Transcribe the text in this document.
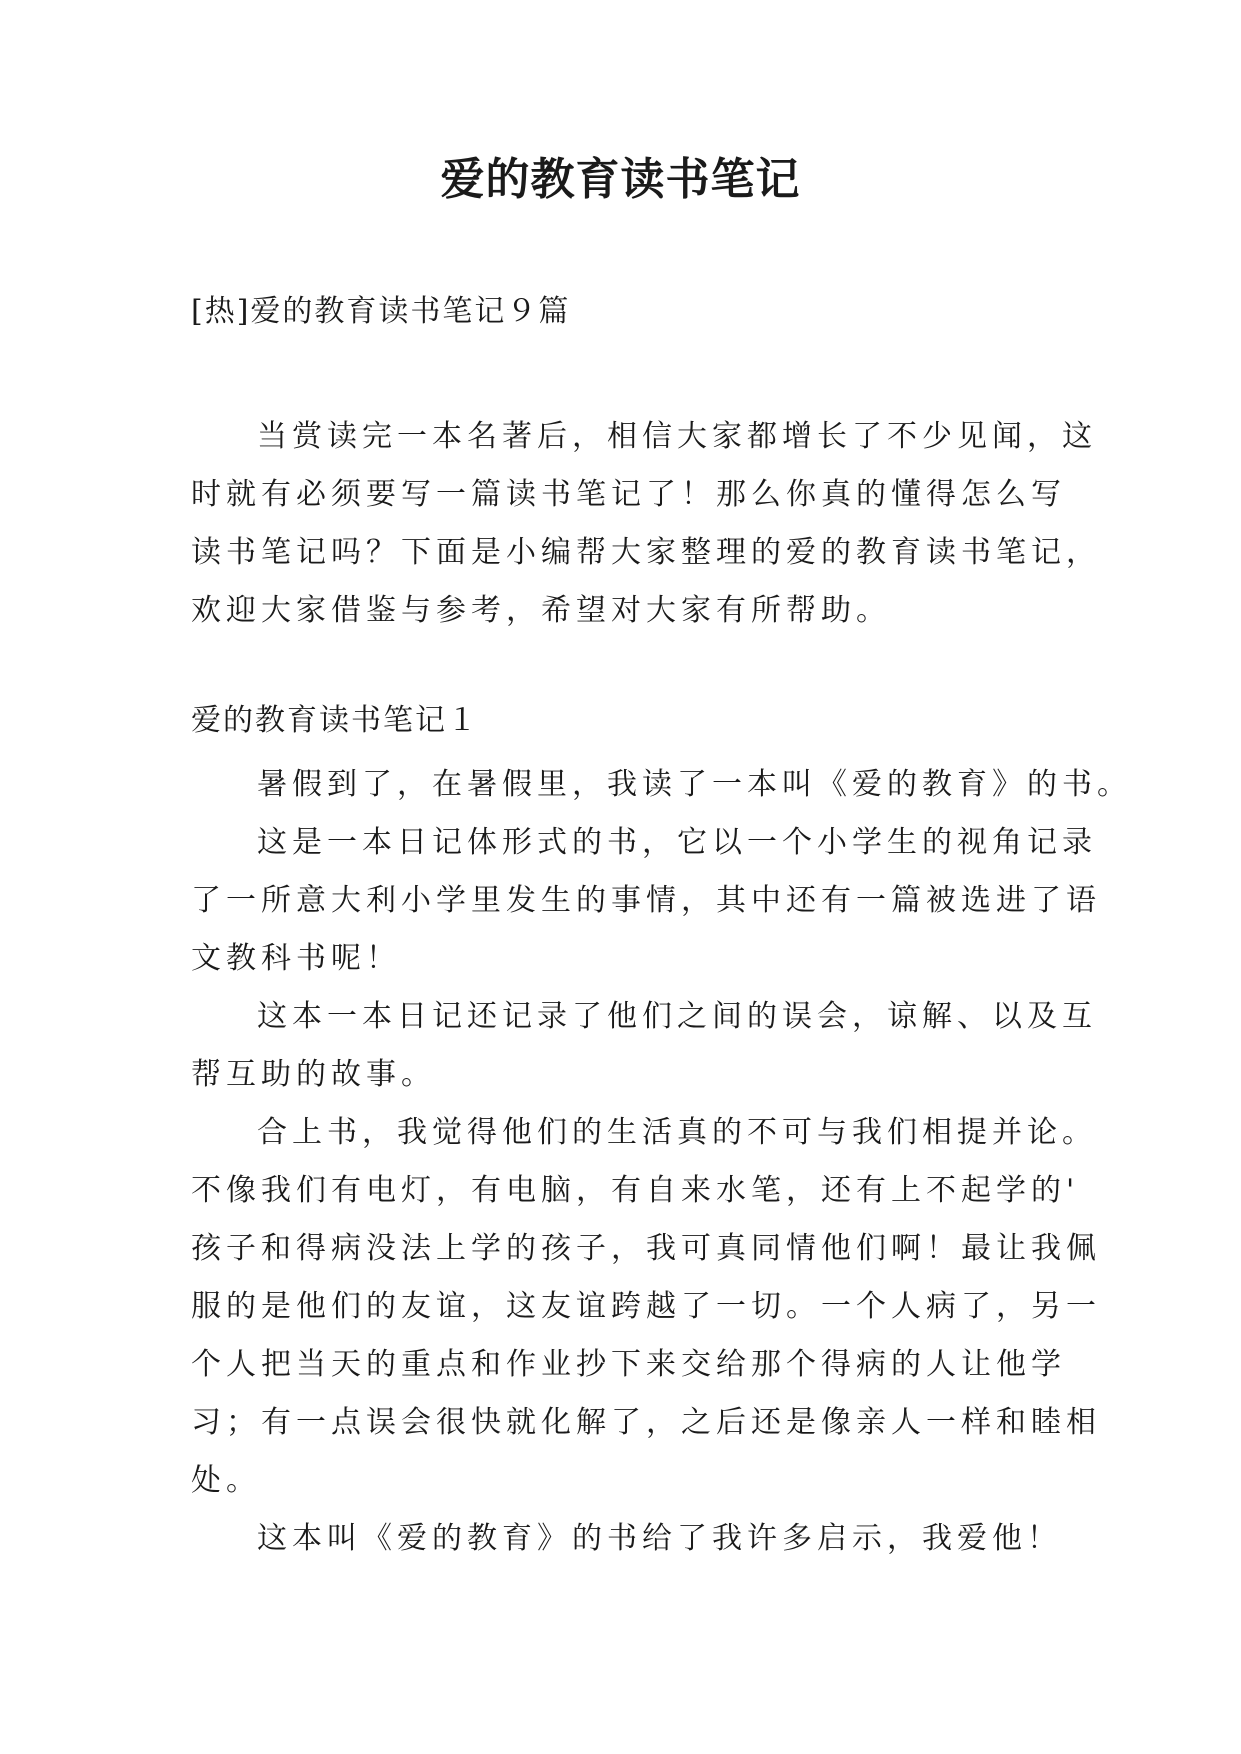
爱的教育读书笔记
[热]爱的教育读书笔记９篇
当赏读完一本名著后，相信大家都增长了不少见闻，这
时就有必须要写一篇读书笔记了！那么你真的懂得怎么写
读书笔记吗？下面是小编帮大家整理的爱的教育读书笔记，
欢迎大家借鉴与参考，希望对大家有所帮助。
爱的教育读书笔记１
暑假到了，在暑假里，我读了一本叫《爱的教育》的书。
这是一本日记体形式的书，它以一个小学生的视角记录
了一所意大利小学里发生的事情，其中还有一篇被选进了语
文教科书呢！
这本一本日记还记录了他们之间的误会，谅解、以及互
帮互助的故事。
合上书，我觉得他们的生活真的不可与我们相提并论。
不像我们有电灯，有电脑，有自来水笔，还有上不起学的'
孩子和得病没法上学的孩子，我可真同情他们啊！最让我佩
服的是他们的友谊，这友谊跨越了一切。一个人病了，另一
个人把当天的重点和作业抄下来交给那个得病的人让他学
习；有一点误会很快就化解了，之后还是像亲人一样和睦相
处。
这本叫《爱的教育》的书给了我许多启示，我爱他！
